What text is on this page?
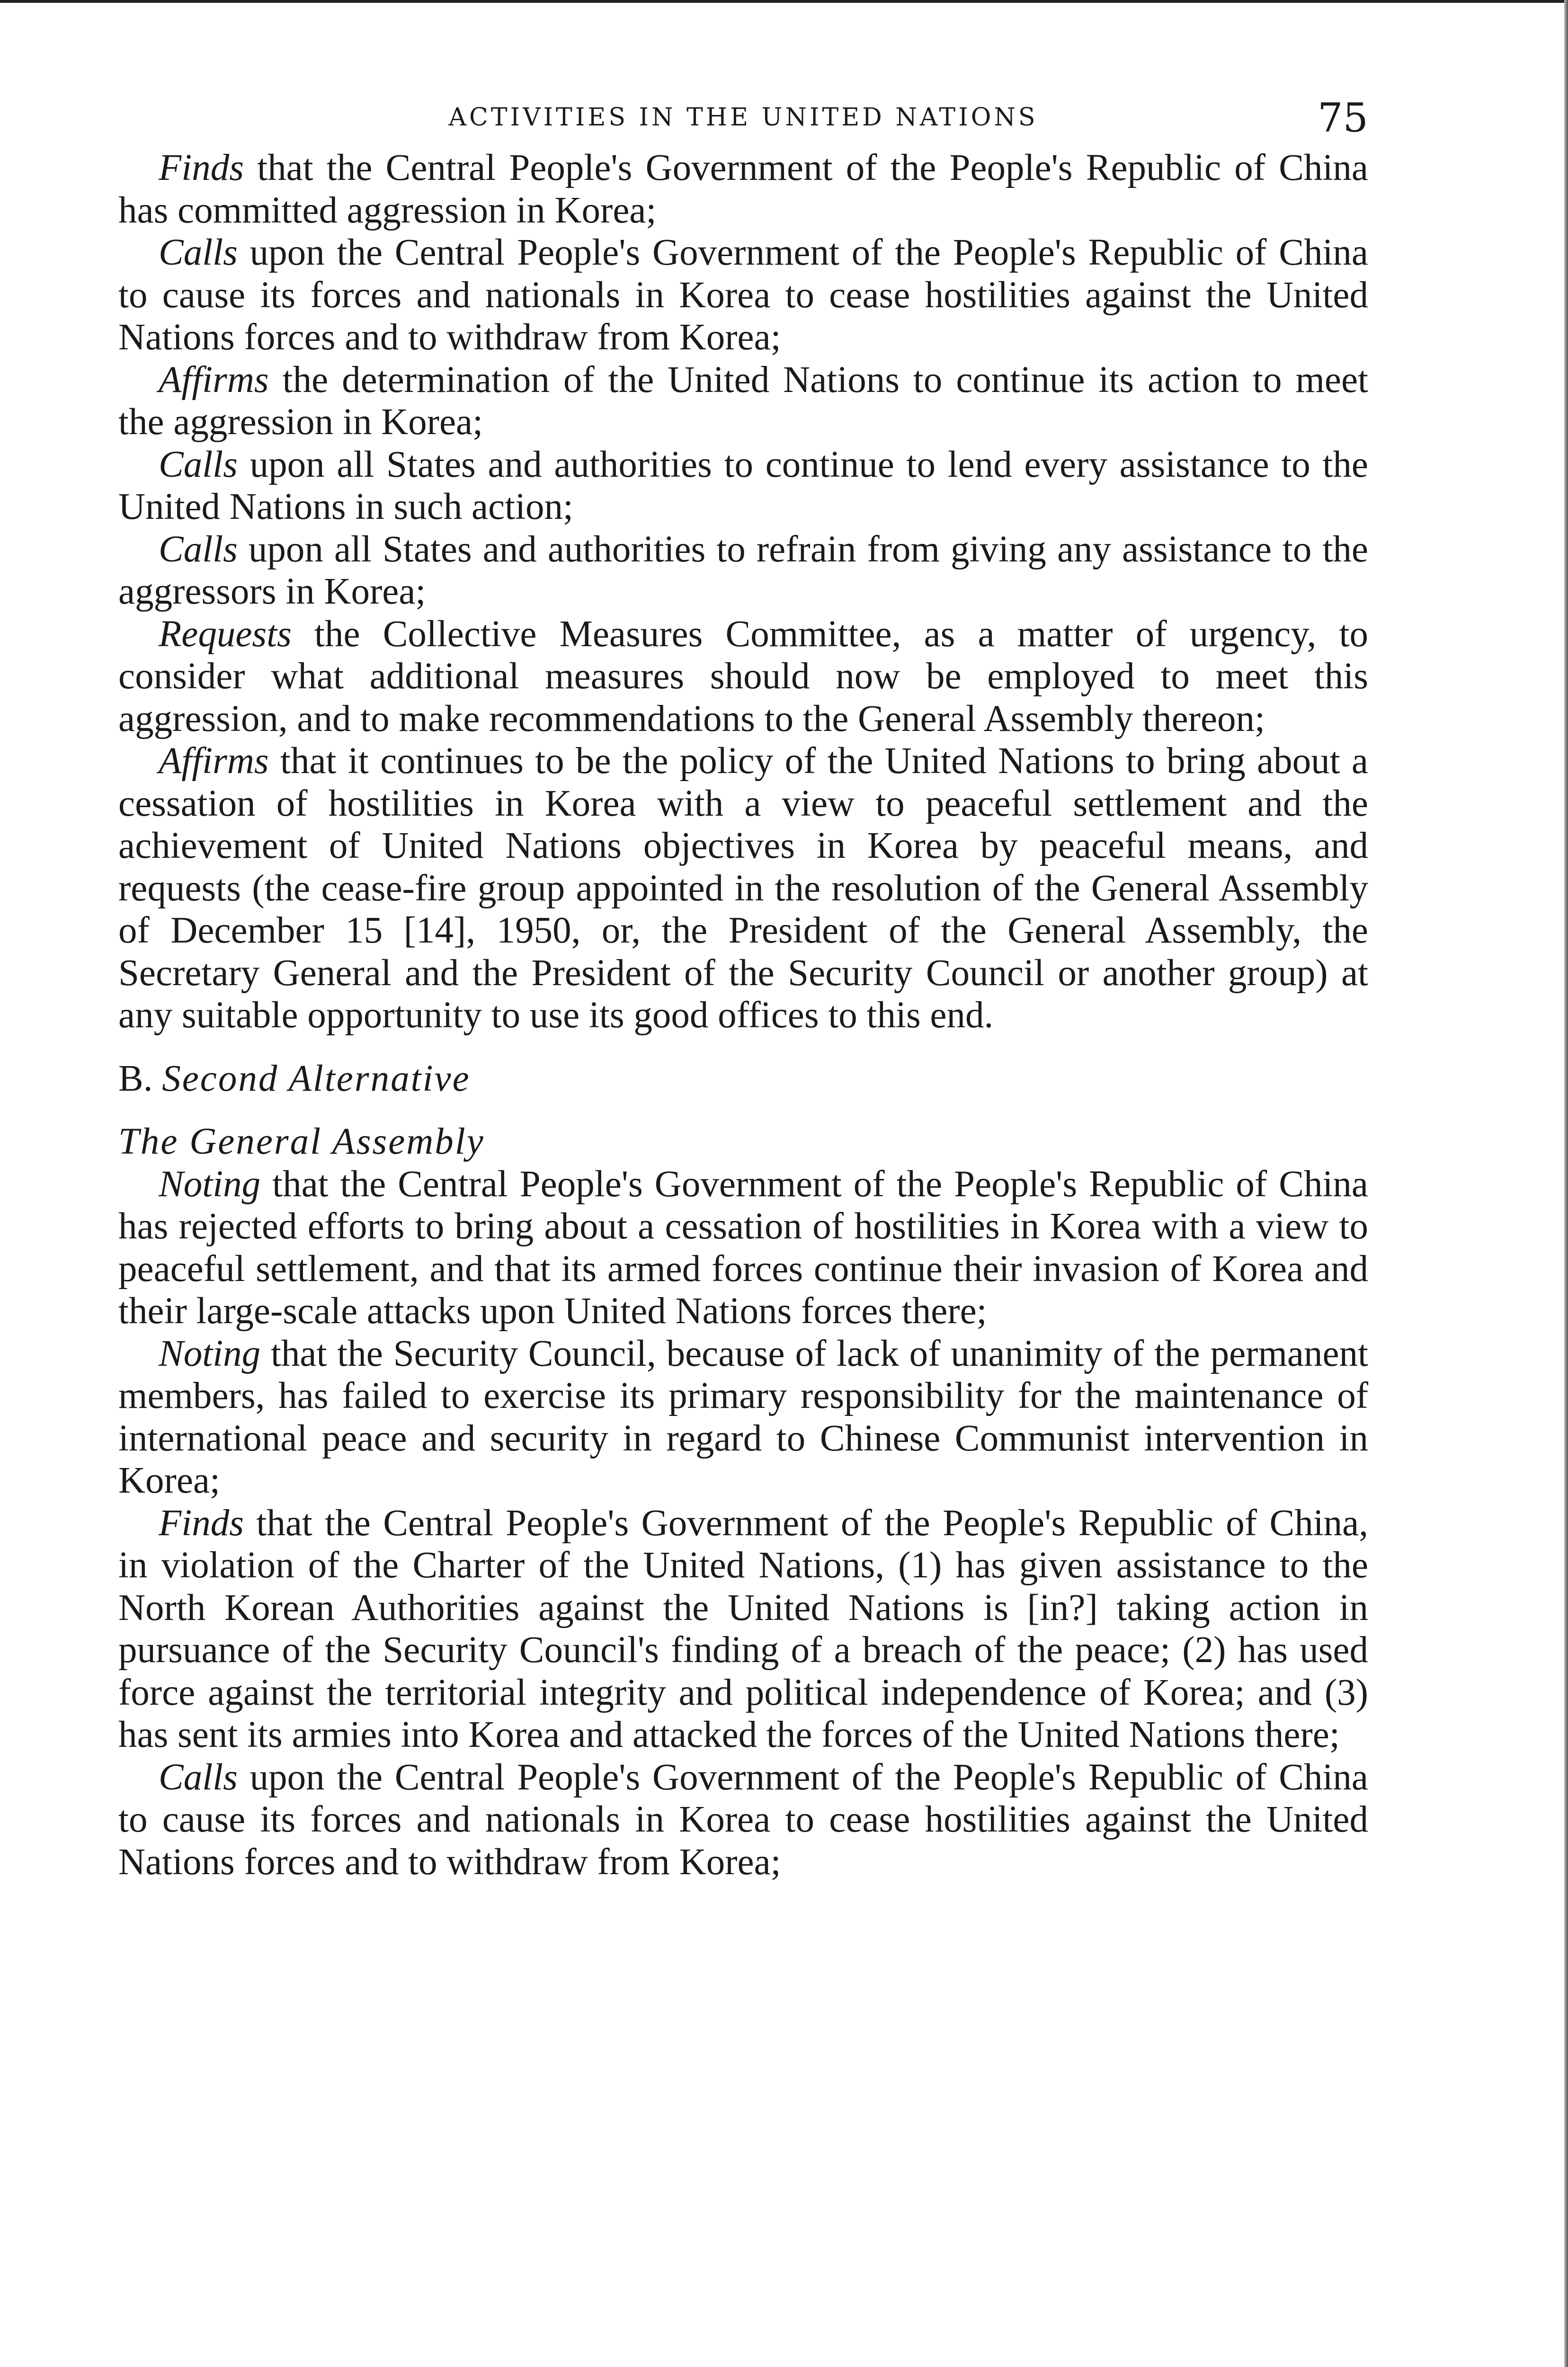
ACTIVITIES IN THE UNITED NATIONS	75

Finds that the Central People's Government of the People's Republic of China has committed aggression in Korea;

Calls upon the Central People's Government of the People's Republic of China to cause its forces and nationals in Korea to cease hostilities against the United Nations forces and to withdraw from Korea;

Affirms the determination of the United Nations to continue its action to meet the aggression in Korea;

Calls upon all States and authorities to continue to lend every assistance to the United Nations in such action;

Calls upon all States and authorities to refrain from giving any assistance to the aggressors in Korea;

Requests the Collective Measures Committee, as a matter of urgency, to consider what additional measures should now be employed to meet this aggression, and to make recommendations to the General Assembly thereon;

Affirms that it continues to be the policy of the United Nations to bring about a cessation of hostilities in Korea with a view to peaceful settlement and the achievement of United Nations objectives in Korea by peaceful means, and requests (the cease-fire group appointed in the resolution of the General Assembly of December 15 [14], 1950, or, the President of the General Assembly, the Secretary General and the President of the Security Council or another group) at any suitable opportunity to use its good offices to this end.

B. Second Alternative

The General Assembly

Noting that the Central People's Government of the People's Republic of China has rejected efforts to bring about a cessation of hostilities in Korea with a view to peaceful settlement, and that its armed forces continue their invasion of Korea and their large-scale attacks upon United Nations forces there;

Noting that the Security Council, because of lack of unanimity of the permanent members, has failed to exercise its primary responsibility for the maintenance of international peace and security in regard to Chinese Communist intervention in Korea;

Finds that the Central People's Government of the People's Republic of China, in violation of the Charter of the United Nations, (1) has given assistance to the North Korean Authorities against the United Nations is [in?] taking action in pursuance of the Security Council's finding of a breach of the peace; (2) has used force against the territorial integrity and political independence of Korea; and (3) has sent its armies into Korea and attacked the forces of the United Nations there;

Calls upon the Central People's Government of the People's Republic of China to cause its forces and nationals in Korea to cease hostilities against the United Nations forces and to withdraw from Korea;
